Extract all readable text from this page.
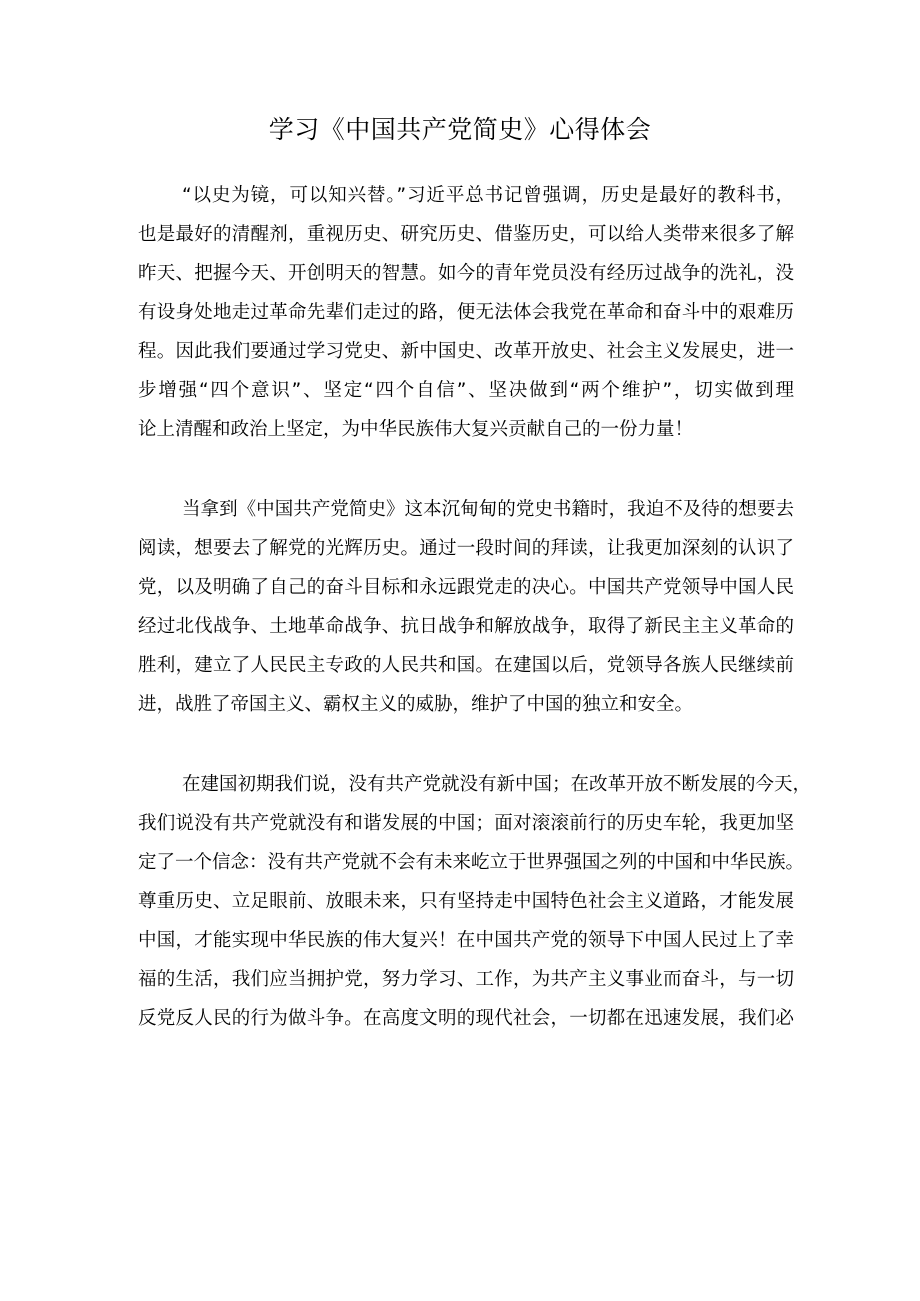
学习《中国共产党简史》心得体会
“以史为镜，可以知兴替。”习近平总书记曾强调，历史是最好的教科书，
也是最好的清醒剂，重视历史、研究历史、借鉴历史，可以给人类带来很多了解
昨天、把握今天、开创明天的智慧。如今的青年党员没有经历过战争的洗礼，没
有设身处地走过革命先辈们走过的路，便无法体会我党在革命和奋斗中的艰难历
程。因此我们要通过学习党史、新中国史、改革开放史、社会主义发展史，进一
步增强“四个意识”、坚定“四个自信”、坚决做到“两个维护”，切实做到理
论上清醒和政治上坚定，为中华民族伟大复兴贡献自己的一份力量！
当拿到《中国共产党简史》这本沉甸甸的党史书籍时，我迫不及待的想要去
阅读，想要去了解党的光辉历史。通过一段时间的拜读，让我更加深刻的认识了
党，以及明确了自己的奋斗目标和永远跟党走的决心。中国共产党领导中国人民
经过北伐战争、土地革命战争、抗日战争和解放战争，取得了新民主主义革命的
胜利，建立了人民民主专政的人民共和国。在建国以后，党领导各族人民继续前
进，战胜了帝国主义、霸权主义的威胁，维护了中国的独立和安全。
在建国初期我们说，没有共产党就没有新中国；在改革开放不断发展的今天，
我们说没有共产党就没有和谐发展的中国；面对滚滚前行的历史车轮，我更加坚
定了一个信念：没有共产党就不会有未来屹立于世界强国之列的中国和中华民族。
尊重历史、立足眼前、放眼未来，只有坚持走中国特色社会主义道路，才能发展
中国，才能实现中华民族的伟大复兴！在中国共产党的领导下中国人民过上了幸
福的生活，我们应当拥护党，努力学习、工作，为共产主义事业而奋斗，与一切
反党反人民的行为做斗争。在高度文明的现代社会，一切都在迅速发展，我们必
